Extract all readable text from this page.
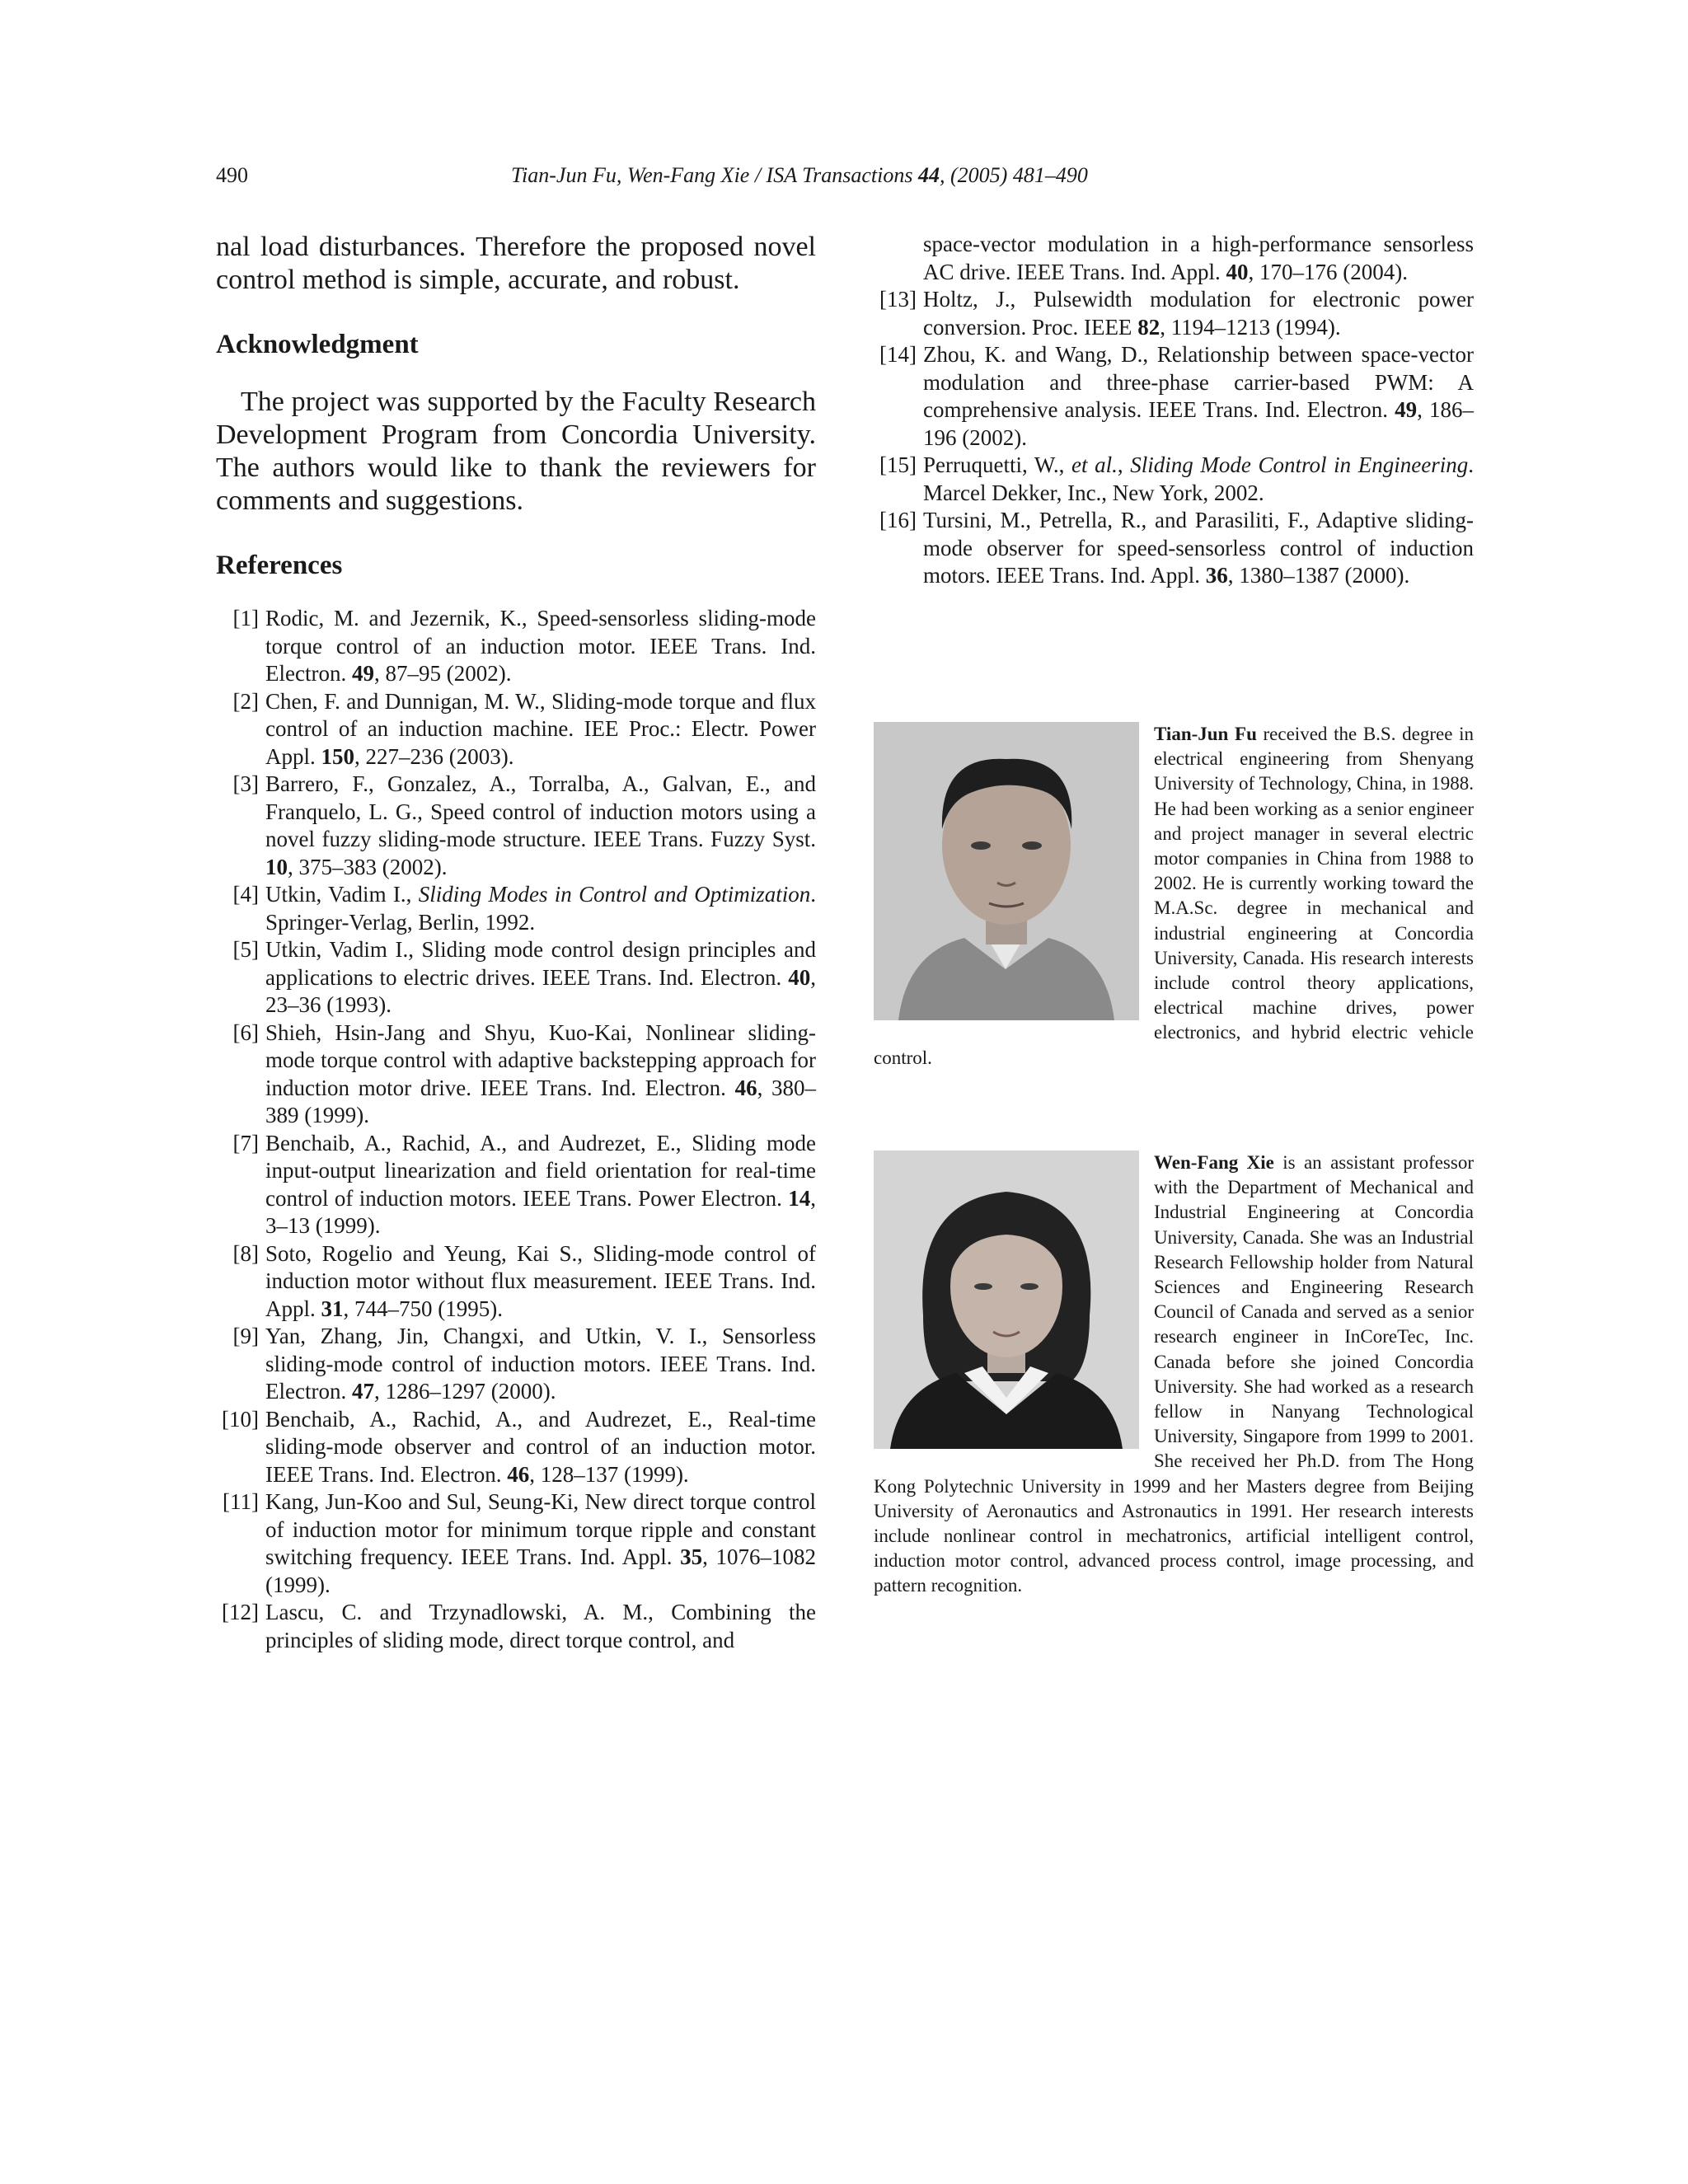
490	Tian-Jun Fu, Wen-Fang Xie / ISA Transactions 44, (2005) 481–490

nal load disturbances. Therefore the proposed novel control method is simple, accurate, and robust.

Acknowledgment

The project was supported by the Faculty Research Development Program from Concordia University. The authors would like to thank the reviewers for comments and suggestions.

References
[1] Rodic, M. and Jezernik, K., Speed-sensorless sliding-mode torque control of an induction motor. IEEE Trans. Ind. Electron. 49, 87–95 (2002).
[2] Chen, F. and Dunnigan, M. W., Sliding-mode torque and flux control of an induction machine. IEE Proc.: Electr. Power Appl. 150, 227–236 (2003).
[3] Barrero, F., Gonzalez, A., Torralba, A., Galvan, E., and Franquelo, L. G., Speed control of induction motors using a novel fuzzy sliding-mode structure. IEEE Trans. Fuzzy Syst. 10, 375–383 (2002).
[4] Utkin, Vadim I., Sliding Modes in Control and Optimization. Springer-Verlag, Berlin, 1992.
[5] Utkin, Vadim I., Sliding mode control design principles and applications to electric drives. IEEE Trans. Ind. Electron. 40, 23–36 (1993).
[6] Shieh, Hsin-Jang and Shyu, Kuo-Kai, Nonlinear sliding-mode torque control with adaptive backstepping approach for induction motor drive. IEEE Trans. Ind. Electron. 46, 380–389 (1999).
[7] Benchaib, A., Rachid, A., and Audrezet, E., Sliding mode input-output linearization and field orientation for real-time control of induction motors. IEEE Trans. Power Electron. 14, 3–13 (1999).
[8] Soto, Rogelio and Yeung, Kai S., Sliding-mode control of induction motor without flux measurement. IEEE Trans. Ind. Appl. 31, 744–750 (1995).
[9] Yan, Zhang, Jin, Changxi, and Utkin, V. I., Sensorless sliding-mode control of induction motors. IEEE Trans. Ind. Electron. 47, 1286–1297 (2000).
[10] Benchaib, A., Rachid, A., and Audrezet, E., Real-time sliding-mode observer and control of an induction motor. IEEE Trans. Ind. Electron. 46, 128–137 (1999).
[11] Kang, Jun-Koo and Sul, Seung-Ki, New direct torque control of induction motor for minimum torque ripple and constant switching frequency. IEEE Trans. Ind. Appl. 35, 1076–1082 (1999).
[12] Lascu, C. and Trzynadlowski, A. M., Combining the principles of sliding mode, direct torque control, and
space-vector modulation in a high-performance sensorless AC drive. IEEE Trans. Ind. Appl. 40, 170–176 (2004).
[13] Holtz, J., Pulsewidth modulation for electronic power conversion. Proc. IEEE 82, 1194–1213 (1994).
[14] Zhou, K. and Wang, D., Relationship between space-vector modulation and three-phase carrier-based PWM: A comprehensive analysis. IEEE Trans. Ind. Electron. 49, 186–196 (2002).
[15] Perruquetti, W., et al., Sliding Mode Control in Engineering. Marcel Dekker, Inc., New York, 2002.
[16] Tursini, M., Petrella, R., and Parasiliti, F., Adaptive sliding-mode observer for speed-sensorless control of induction motors. IEEE Trans. Ind. Appl. 36, 1380–1387 (2000).
Tian-Jun Fu received the B.S. degree in electrical engineering from Shenyang University of Technology, China, in 1988. He had been working as a senior engineer and project manager in several electric motor companies in China from 1988 to 2002. He is currently working toward the M.A.Sc. degree in mechanical and industrial engineering at Concordia University, Canada. His research interests include control theory applications, electrical machine drives, power electronics, and hybrid electric vehicle control.
Wen-Fang Xie is an assistant professor with the Department of Mechanical and Industrial Engineering at Concordia University, Canada. She was an Industrial Research Fellowship holder from Natural Sciences and Engineering Research Council of Canada and served as a senior research engineer in InCoreTec, Inc. Canada before she joined Concordia University. She had worked as a research fellow in Nanyang Technological University, Singapore from 1999 to 2001. She received her Ph.D. from The Hong Kong Polytechnic University in 1999 and her Masters degree from Beijing University of Aeronautics and Astronautics in 1991. Her research interests include nonlinear control in mechatronics, artificial intelligent control, induction motor control, advanced process control, image processing, and pattern recognition.
